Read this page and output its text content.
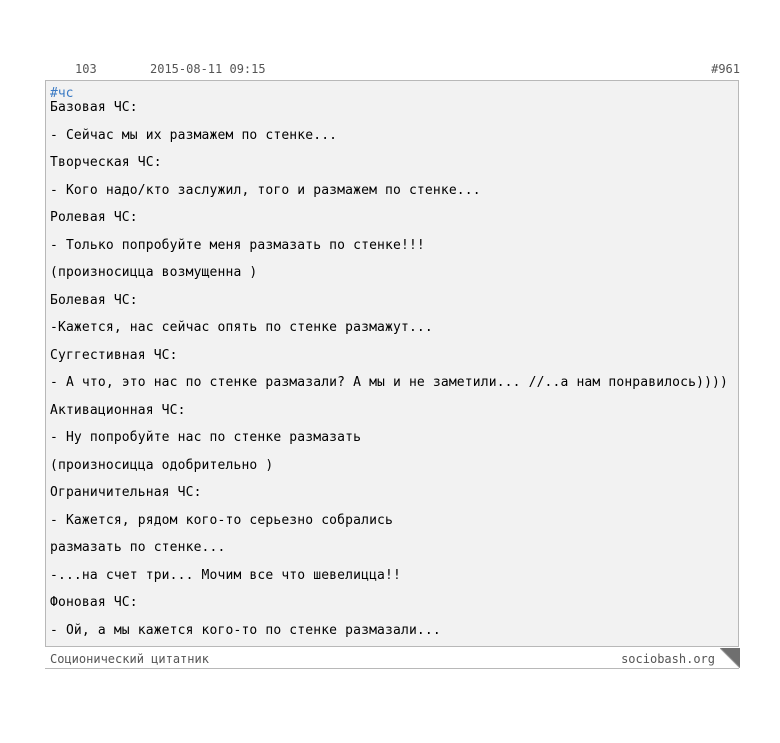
103	2015-08-11 09:15	#961
#чс
Базовая ЧС:
- Сейчас мы их размажем по стенке...
Творческая ЧС:
- Кого надо/кто заслужил, того и размажем по стенке...
Ролевая ЧС:
- Только попробуйте меня размазать по стенке!!!
(произносицца возмущенна )
Болевая ЧС:
-Кажется, нас сейчас опять по стенке размажут...
Суггестивная ЧС:
- А что, это нас по стенке размазали? А мы и не заметили... //..а нам понравилось))))
Активационная ЧС:
- Ну попробуйте нас по стенке размазать
(произносицца одобрительно )
Ограничительная ЧС:
- Кажется, рядом кого-то серьезно собрались
размазать по стенке...
-...на счет три... Мочим все что шевелицца!!
Фоновая ЧС:
- Ой, а мы кажется кого-то по стенке размазали...
Соционический цитатник	sociobash.org
